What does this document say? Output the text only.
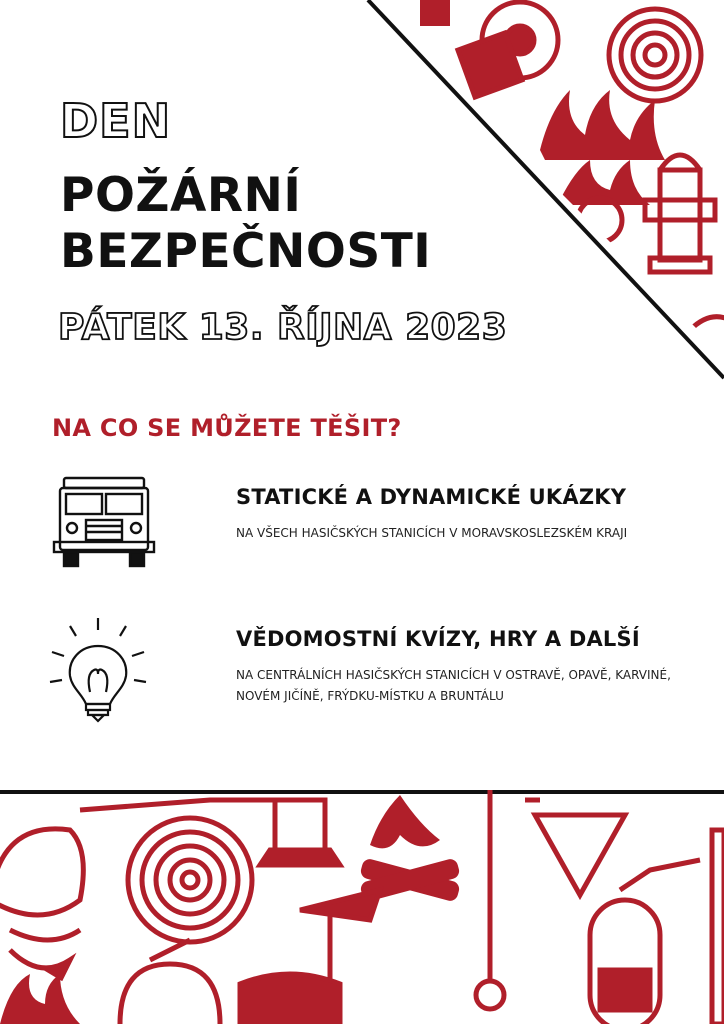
DEN
POŽÁRNÍ
BEZPEČNOSTI
PÁTEK 13. ŘÍJNA 2023
NA CO SE MŮŽETE TĚŠIT?
STATICKÉ A DYNAMICKÉ UKÁZKY

NA VŠECH HASIČSKÝCH STANICÍCH V MORAVSKOSLEZSKÉM KRAJI

VĚDOMOSTNÍ KVÍZY, HRY A DALŠÍ

NA CENTRÁLNÍCH HASIČSKÝCH STANICÍCH V OSTRAVĚ, OPAVĚ, KARVINÉ, NOVÉM JIČÍNĚ, FRÝDKU-MÍSTKU A BRUNTÁLU
